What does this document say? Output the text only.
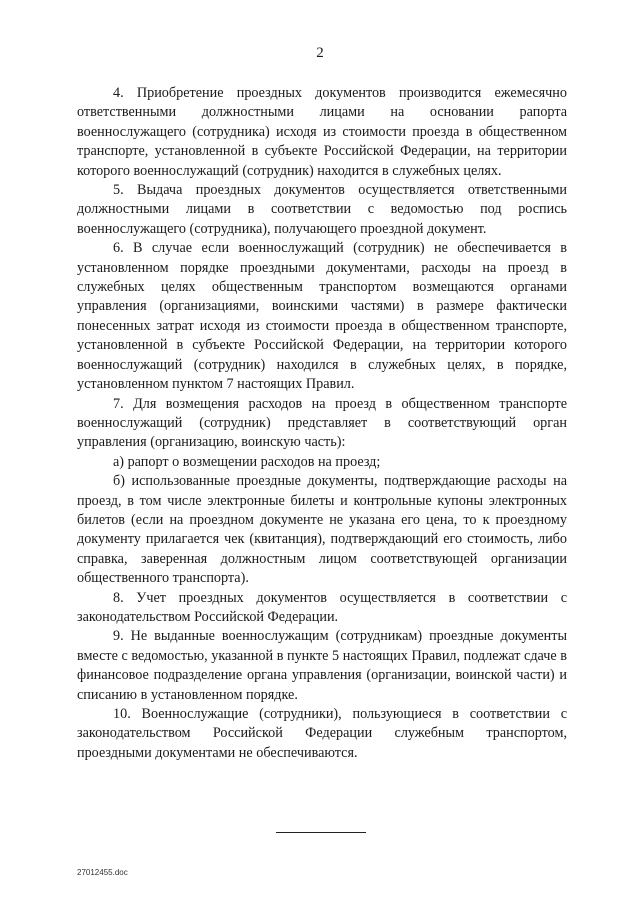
2

4. Приобретение проездных документов производится ежемесячно ответственными должностными лицами на основании рапорта военнослужащего (сотрудника) исходя из стоимости проезда в общественном транспорте, установленной в субъекте Российской Федерации, на территории которого военнослужащий (сотрудник) находится в служебных целях.

5. Выдача проездных документов осуществляется ответственными должностными лицами в соответствии с ведомостью под роспись военнослужащего (сотрудника), получающего проездной документ.

6. В случае если военнослужащий (сотрудник) не обеспечивается в установленном порядке проездными документами, расходы на проезд в служебных целях общественным транспортом возмещаются органами управления (организациями, воинскими частями) в размере фактически понесенных затрат исходя из стоимости проезда в общественном транспорте, установленной в субъекте Российской Федерации, на территории которого военнослужащий (сотрудник) находился в служебных целях, в порядке, установленном пунктом 7 настоящих Правил.

7. Для возмещения расходов на проезд в общественном транспорте военнослужащий (сотрудник) представляет в соответствующий орган управления (организацию, воинскую часть):

а) рапорт о возмещении расходов на проезд;

б) использованные проездные документы, подтверждающие расходы на проезд, в том числе электронные билеты и контрольные купоны электронных билетов (если на проездном документе не указана его цена, то к проездному документу прилагается чек (квитанция), подтверждающий его стоимость, либо справка, заверенная должностным лицом соответствующей организации общественного транспорта).

8. Учет проездных документов осуществляется в соответствии с законодательством Российской Федерации.

9. Не выданные военнослужащим (сотрудникам) проездные документы вместе с ведомостью, указанной в пункте 5 настоящих Правил, подлежат сдаче в финансовое подразделение органа управления (организации, воинской части) и списанию в установленном порядке.

10. Военнослужащие (сотрудники), пользующиеся в соответствии с законодательством Российской Федерации служебным транспортом, проездными документами не обеспечиваются.

27012455.doc
